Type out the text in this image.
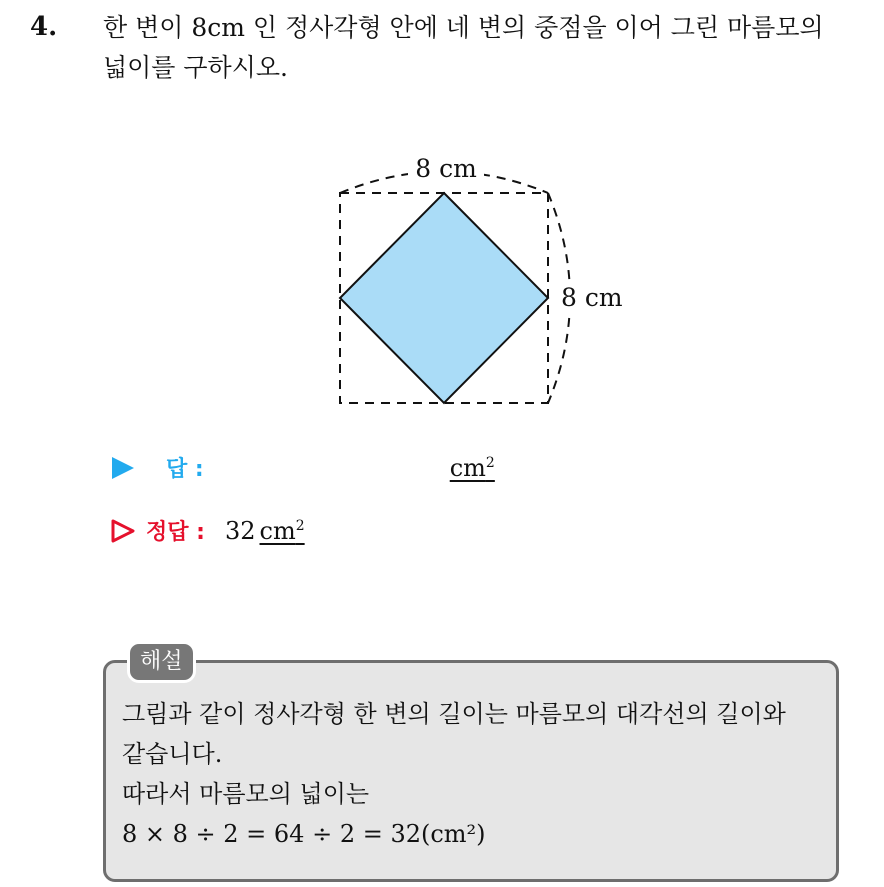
4. 한 변이 8cm 인 정사각형 안에 네 변의 중점을 이어 그린 마름모의
넓이를 구하시오.
8 cm
8 cm
답 :	$cm^2$
정답 : 32 $cm^2$
해설
그림과 같이 정사각형 한 변의 길이는 마름모의 대각선의 길이와
같습니다.
따라서 마름모의 넓이는
8 × 8 ÷ 2 = 64 ÷ 2 = 32(cm²)
